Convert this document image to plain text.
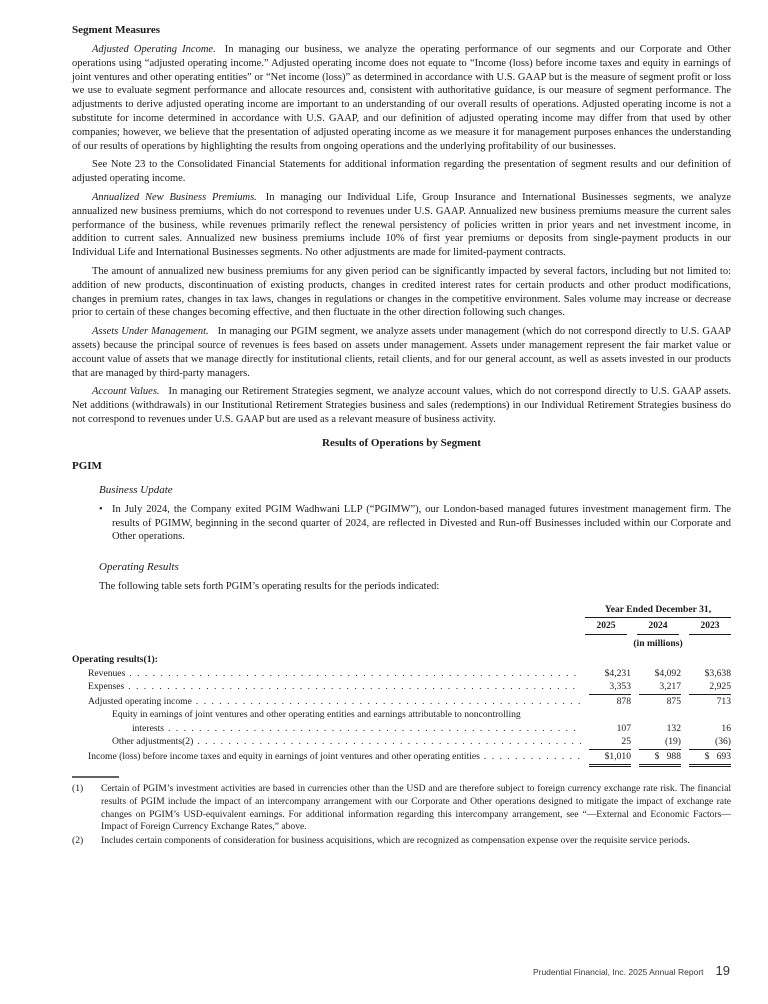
Segment Measures

Adjusted Operating Income. In managing our business, we analyze the operating performance of our segments and our Corporate and Other operations using “adjusted operating income.” Adjusted operating income does not equate to “Income (loss) before income taxes and equity in earnings of joint ventures and other operating entities” or “Net income (loss)” as determined in accordance with U.S. GAAP but is the measure of segment profit or loss we use to evaluate segment performance and allocate resources and, consistent with authoritative guidance, is our measure of segment performance. The adjustments to derive adjusted operating income are important to an understanding of our overall results of operations. Adjusted operating income is not a substitute for income determined in accordance with U.S. GAAP, and our definition of adjusted operating income may differ from that used by other companies; however, we believe that the presentation of adjusted operating income as we measure it for management purposes enhances the understanding of our results of operations by highlighting the results from ongoing operations and the underlying profitability of our businesses.

See Note 23 to the Consolidated Financial Statements for additional information regarding the presentation of segment results and our definition of adjusted operating income.

Annualized New Business Premiums. In managing our Individual Life, Group Insurance and International Businesses segments, we analyze annualized new business premiums, which do not correspond to revenues under U.S. GAAP. Annualized new business premiums measure the current sales performance of the business, while revenues primarily reflect the renewal persistency of policies written in prior years and net investment income, in addition to current sales. Annualized new business premiums include 10% of first year premiums or deposits from single-payment products in our Individual Life and International Businesses segments. No other adjustments are made for limited-payment contracts.

The amount of annualized new business premiums for any given period can be significantly impacted by several factors, including but not limited to: addition of new products, discontinuation of existing products, changes in credited interest rates for certain products and other product modifications, changes in premium rates, changes in tax laws, changes in regulations or changes in the competitive environment. Sales volume may increase or decrease prior to certain of these changes becoming effective, and then fluctuate in the other direction following such changes.

Assets Under Management. In managing our PGIM segment, we analyze assets under management (which do not correspond directly to U.S. GAAP assets) because the principal source of revenues is fees based on assets under management. Assets under management represent the fair market value or account value of assets that we manage directly for institutional clients, retail clients, and for our general account, as well as assets invested in our products that are managed by third-party managers.

Account Values. In managing our Retirement Strategies segment, we analyze account values, which do not correspond directly to U.S. GAAP assets. Net additions (withdrawals) in our Institutional Retirement Strategies business and sales (redemptions) in our Individual Retirement Strategies business do not correspond to revenues under U.S. GAAP but are used as a relevant measure of business activity.

Results of Operations by Segment
PGIM
Business Update
• In July 2024, the Company exited PGIM Wadhwani LLP (“PGIMW”), our London-based managed futures investment management firm. The results of PGIMW, beginning in the second quarter of 2024, are reflected in Divested and Run-off Businesses included within our Corporate and Other operations.
Operating Results
The following table sets forth PGIM’s operating results for the periods indicated:
Year Ended December 31,
2025	2024	2023
(in millions)
Operating results(1):
Revenues . . .	$4,231	$4,092	$3,638
Expenses . . .	3,353	3,217	2,925
Adjusted operating income . . .	878	875	713
Equity in earnings of joint ventures and other operating entities and earnings attributable to noncontrolling
interests . . .	107	132	16
Other adjustments(2) . . .	25	(19)	(36)
Income (loss) before income taxes and equity in earnings of joint ventures and other operating entities . . .	$1,010	$   988	$   693
(1)	Certain of PGIM’s investment activities are based in currencies other than the USD and are therefore subject to foreign currency exchange rate risk. The financial results of PGIM include the impact of an intercompany arrangement with our Corporate and Other operations designed to mitigate the impact of exchange rate changes on PGIM’s USD-equivalent earnings. For additional information regarding this intercompany arrangement, see “—External and Economic Factors—Impact of Foreign Currency Exchange Rates,” above.
(2)	Includes certain components of consideration for business acquisitions, which are recognized as compensation expense over the requisite service periods.
Prudential Financial, Inc. 2025 Annual Report 19
